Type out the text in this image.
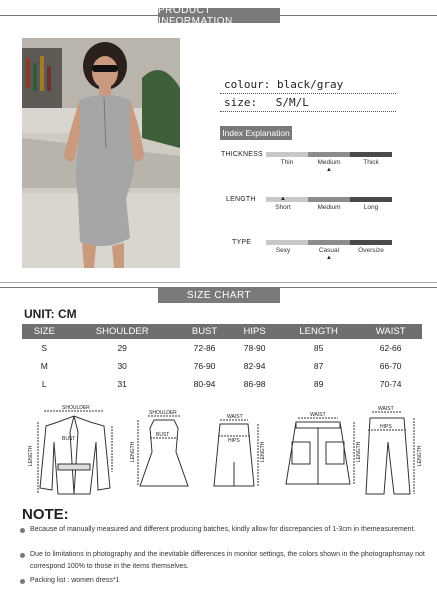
PRODUCT INFORMATION
colour: black/gray
size: S/M/L
Index Explanation
THICKNESS
Thin	Medium	Thick
▲
LENGTH	▲
Short	Medium	Long
TYPE
Sexy	Casual	Oversize
▲
SIZE CHART
UNIT: CM
SIZE	SHOULDER	BUST	HIPS	LENGTH	WAIST
S	29	72-86	78-90	85	62-66
M	30	76-90	82-94	87	66-70
L	31	80-94	86-98	89	70-74
SHOULDER
BUST
LENGTH
SHOULDER
BUST
LENGTH
WAIST
HIPS
LENGTH
WAIST
LENGTH
WAIST
HIPS
LENGTH
NOTE:
Because of manually measured and different producing batches, kindly allow for discrepancies of 1-3cm in themeasurement.
Due to limitations in photography and the inevitable differences in monitor settings, the colors shown in the photographsmay not correspond 100% to those in the items themselves.
Packing list : women dress*1
